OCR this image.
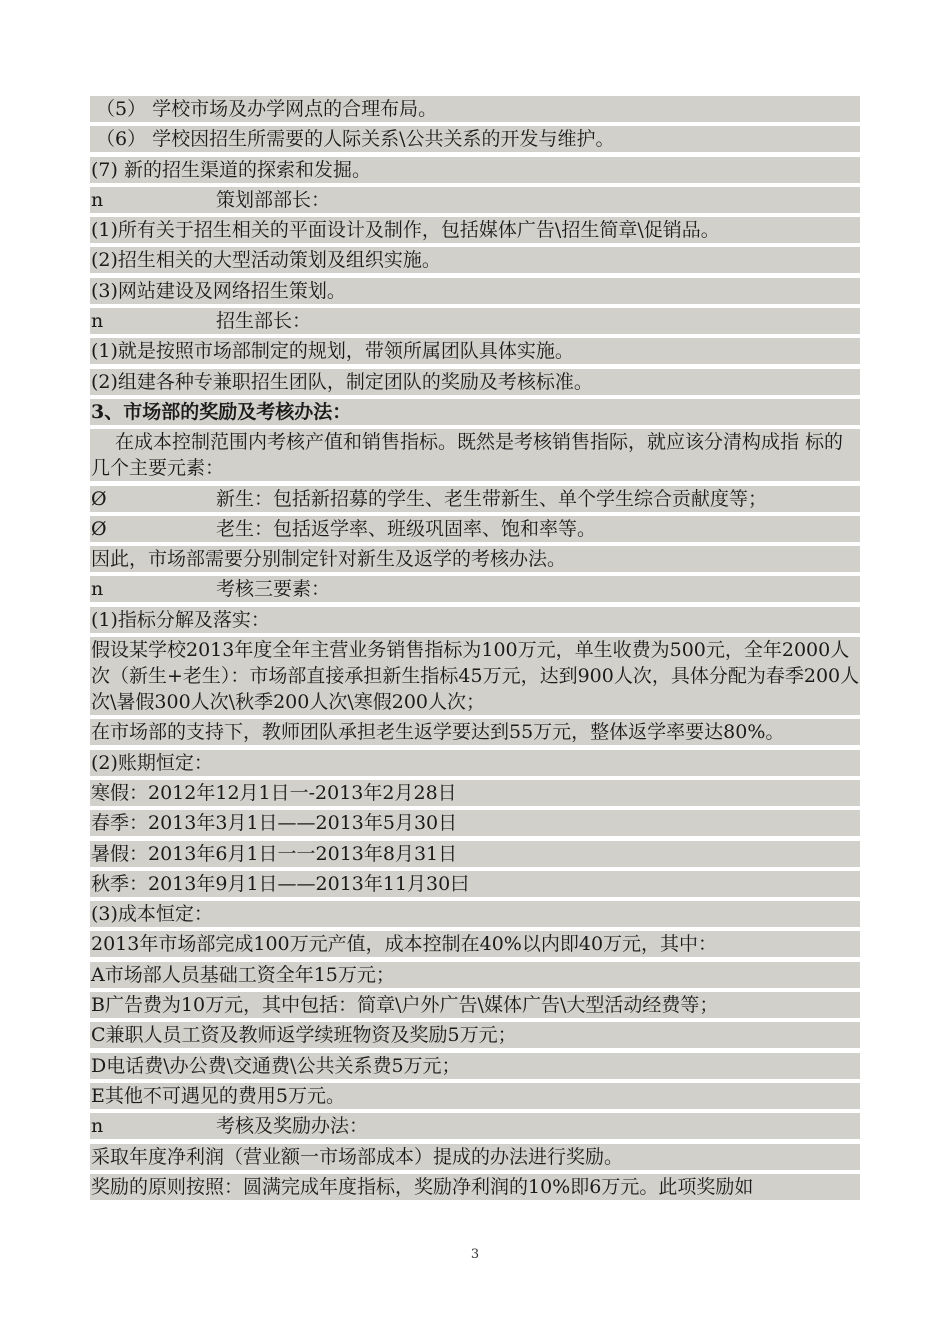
（5） 学校市场及办学网点的合理布局。
（6） 学校因招生所需要的人际关系\公共关系的开发与维护。
(7) 新的招生渠道的探索和发掘。
n	策划部部长：
(1)所有关于招生相关的平面设计及制作，包括媒体广告\招生简章\促销品。
(2)招生相关的大型活动策划及组织实施。
(3)网站建设及网络招生策划。
n	招生部长：
(1)就是按照市场部制定的规划，带领所属团队具体实施。
(2)组建各种专兼职招生团队，制定团队的奖励及考核标准。
3、市场部的奖励及考核办法：
在成本控制范围内考核产值和销售指标。既然是考核销售指际，就应该分清构成指 标的几个主要元素：
Ø	新生：包括新招募的学生、老生带新生、单个学生综合贡献度等；
Ø	老生：包括返学率、班级巩固率、饱和率等。
因此，市场部需要分别制定针对新生及返学的考核办法。
n	考核三要素：
(1)指标分解及落实：
假设某学校2013年度全年主营业务销售指标为100万元，单生收费为500元，全年2000人次（新生+老生）：市场部直接承担新生指标45万元，达到900人次，具体分配为春季200人次\暑假300人次\秋季200人次\寒假200人次；
在市场部的支持下，教师团队承担老生返学要达到55万元，整体返学率要达80%。
(2)账期恒定：
寒假：2012年12月1日一-2013年2月28日
春季：2013年3月1日——2013年5月30日
暑假：2013年6月1日一一2013年8月31日
秋季：2013年9月1日——2013年11月30曰
(3)成本恒定：
2013年市场部完成100万元产值，成本控制在40%以内即40万元，其中：
A市场部人员基础工资全年15万元；
B广告费为10万元，其中包括：简章\户外广告\媒体广告\大型活动经费等；
C兼职人员工资及教师返学续班物资及奖励5万元；
D电话费\办公费\交通费\公共关系费5万元；
E其他不可遇见的费用5万元。
n	考核及奖励办法：
采取年度净利润（营业额一市场部成本）提成的办法进行奖励。
奖励的原则按照：圆满完成年度指标，奖励净利润的10%即6万元。此项奖励如
3
